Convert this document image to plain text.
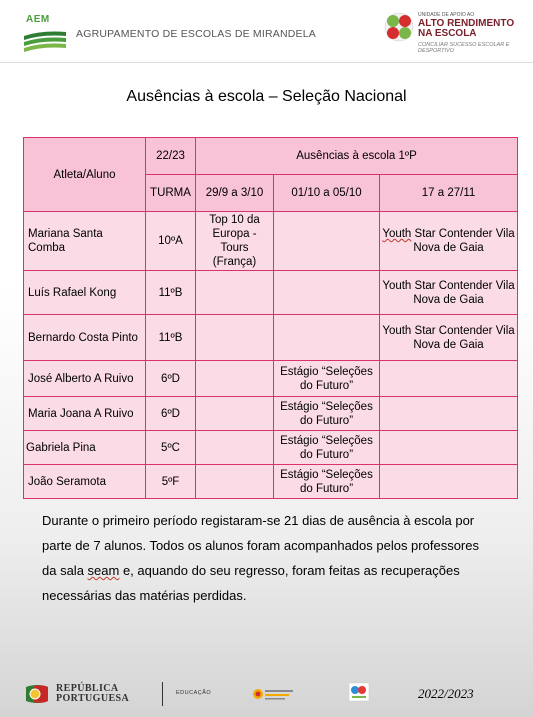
AEM
AGRUPAMENTO DE ESCOLAS DE MIRANDELA
UNIDADE DE APOIO AO
ALTO RENDIMENTO
NA ESCOLA
CONCILIAR SUCESSO ESCOLAR E DESPORTIVO
Ausências à escola – Seleção Nacional
Atleta/Aluno	22/23	Ausências à escola 1ºP		
	TURMA	29/9 a 3/10	01/10 a 05/10	17 a 27/11
Mariana Santa Comba	10ºA	Top 10 da Europa - Tours (França)		Youth Star Contender Vila Nova de Gaia
Luís Rafael Kong	11ºB			Youth Star Contender Vila Nova de Gaia
Bernardo Costa Pinto	11ºB			Youth Star Contender Vila Nova de Gaia
José Alberto A Ruivo	6ºD		Estágio “Seleções do Futuro”	
Maria Joana A Ruivo	6ºD		Estágio “Seleções do Futuro”	
Gabriela Pina	5ºC		Estágio “Seleções do Futuro”	
João Seramota	5ºF		Estágio “Seleções do Futuro”	
Durante o primeiro período registaram-se 21 dias de ausência à escola por parte de 7 alunos. Todos os alunos foram acompanhados pelos professores da sala seam e, aquando do seu regresso, foram feitas as recuperações necessárias das matérias perdidas.
REPÚBLICA
PORTUGUESA	EDUCAÇÃO	2022/2023
